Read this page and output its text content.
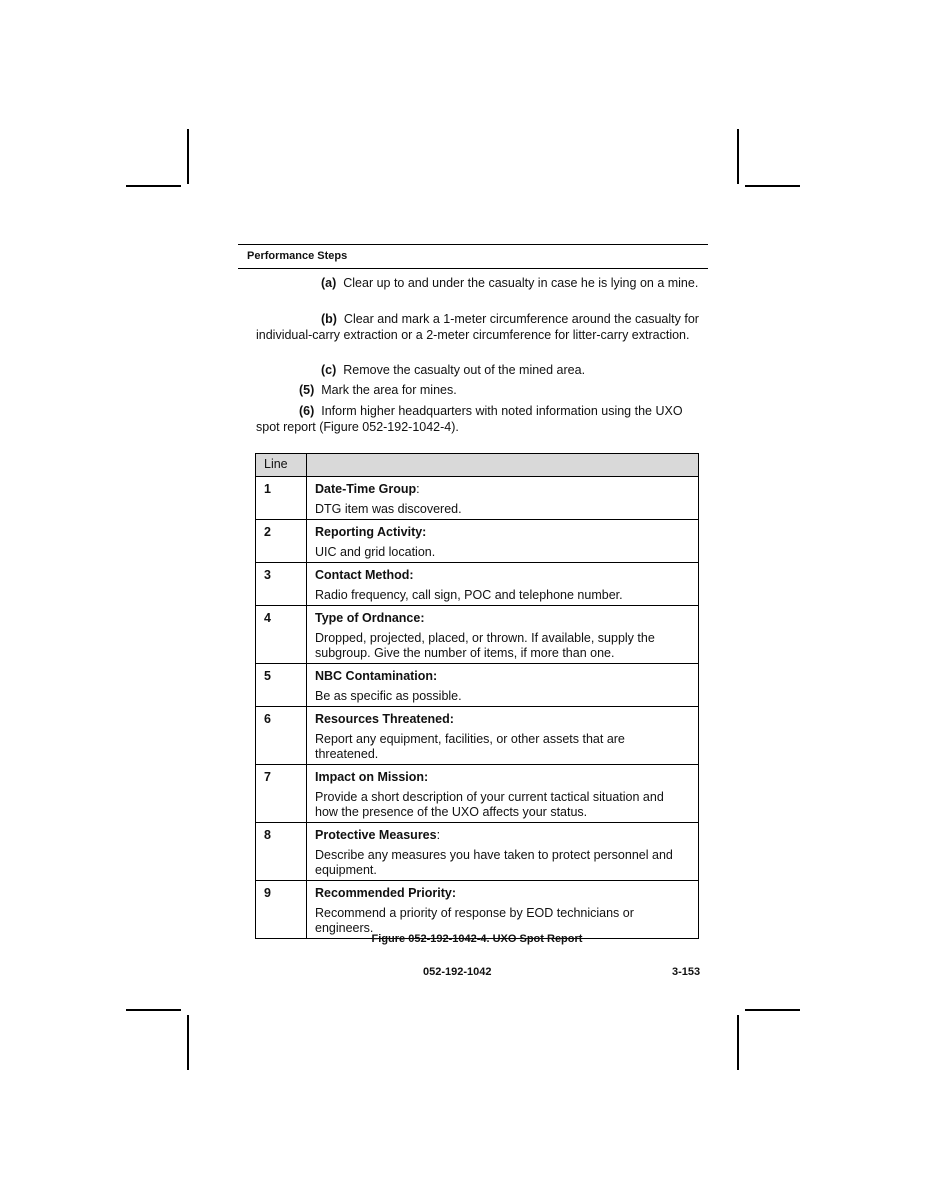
Performance Steps

(a) Clear up to and under the casualty in case he is lying on a mine.

(b) Clear and mark a 1-meter circumference around the casualty for individual-carry extraction or a 2-meter circumference for litter-carry extraction.

(c) Remove the casualty out of the mined area.

(5) Mark the area for mines.

(6) Inform higher headquarters with noted information using the UXO spot report (Figure 052-192-1042-4).

Line	
1	Date-Time Group :
DTG item was discovered.
2	Reporting Activity:
UIC and grid location.
3	Contact Method:
Radio frequency, call sign, POC and telephone number.
4	Type of Ordnance:
Dropped, projected, placed, or thrown. If available, supply the subgroup. Give the number of items, if more than one.
5	NBC Contamination:
Be as specific as possible.
6	Resources Threatened:
Report any equipment, facilities, or other assets that are threatened.
7	Impact on Mission:
Provide a short description of your current tactical situation and how the presence of the UXO affects your status.
8	Protective Measures :
Describe any measures you have taken to protect personnel and equipment.
9	Recommended Priority:
Recommend a priority of response by EOD technicians or engineers.
Figure 052-192-1042-4. UXO Spot Report
052-192-1042	3-153
